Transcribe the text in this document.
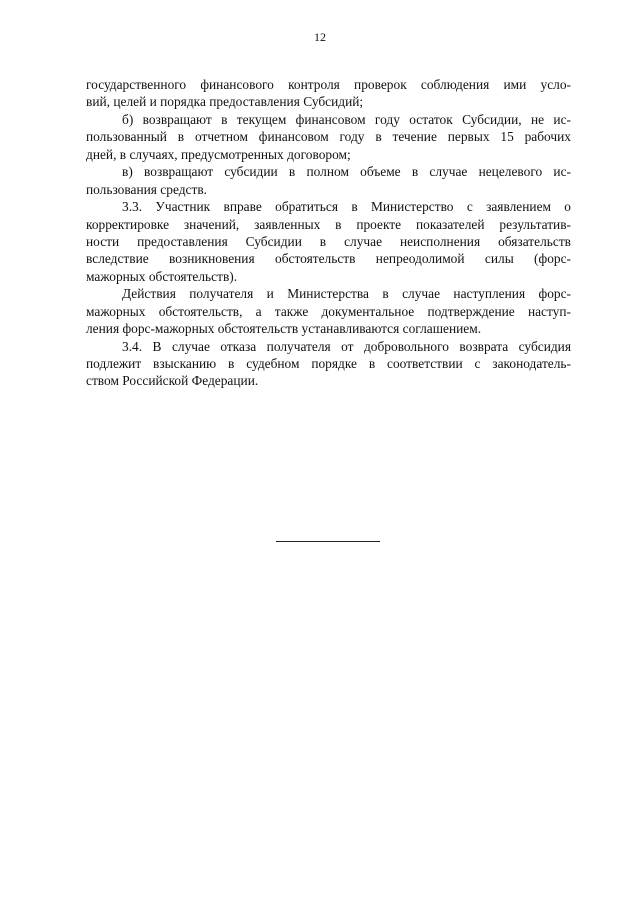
12
государственного финансового контроля проверок соблюдения ими усло-
вий, целей и порядка предоставления Субсидий;
б) возвращают в текущем финансовом году остаток Субсидии, не ис-
пользованный в отчетном финансовом году в течение первых 15 рабочих
дней, в случаях, предусмотренных договором;
в) возвращают субсидии в полном объеме в случае нецелевого ис-
пользования средств.
3.3. Участник вправе обратиться в Министерство с заявлением о
корректировке значений, заявленных в проекте показателей результатив-
ности предоставления Субсидии в случае неисполнения обязательств
вследствие возникновения обстоятельств непреодолимой силы (форс-
мажорных обстоятельств).
Действия получателя и Министерства в случае наступления форс-
мажорных обстоятельств, а также документальное подтверждение наступ-
ления форс-мажорных обстоятельств устанавливаются соглашением.
3.4. В случае отказа получателя от добровольного возврата субсидия
подлежит взысканию в судебном порядке в соответствии с законодатель-
ством Российской Федерации.
